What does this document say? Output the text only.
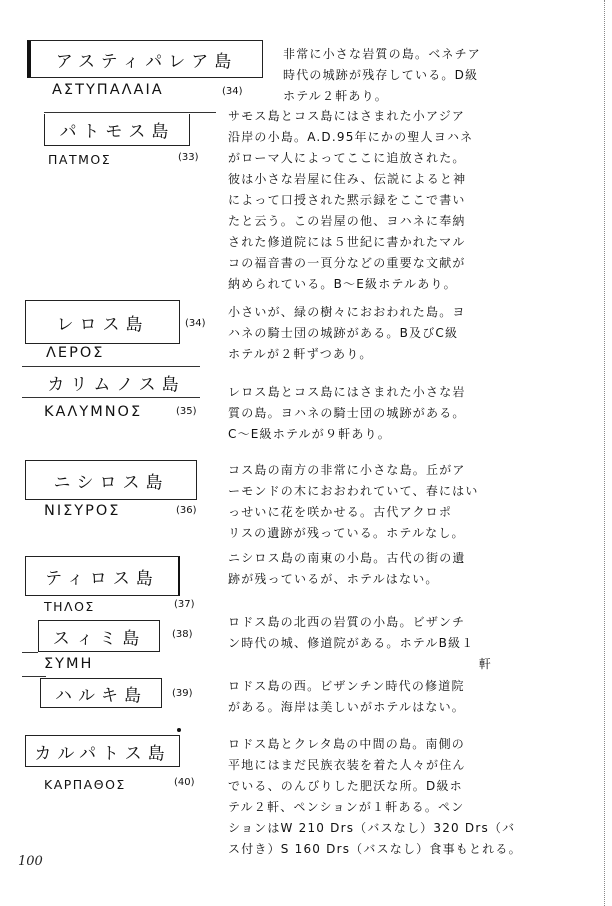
アスティパレア島
ΑΣΤΥΠΑΛΑΙΑ	(34)
非常に小さな岩質の島。ベネチア
時代の城跡が残存している。D級
ホテル２軒あり。
パトモス島
ΠΑΤΜΟΣ	(33)
サモス島とコス島にはさまれた小アジア
沿岸の小島。A.D.95年にかの聖人ヨハネ
がローマ人によってここに追放された。
彼は小さな岩屋に住み、伝説によると神
によって口授された黙示録をここで書い
たと云う。この岩屋の他、ヨハネに奉納
された修道院には５世紀に書かれたマル
コの福音書の一頁分などの重要な文献が
納められている。B～E級ホテルあり。
レロス島	(34)
ΛΕΡΟΣ
小さいが、緑の樹々におおわれた島。ヨ
ハネの騎士団の城跡がある。B及びC級
ホテルが２軒ずつあり。
カリムノス島
ΚΑΛΥΜΝΟΣ	(35)
レロス島とコス島にはさまれた小さな岩
質の島。ヨハネの騎士団の城跡がある。
C～E級ホテルが９軒あり。
ニシロス島
ΝΙΣΥΡΟΣ	(36)
コス島の南方の非常に小さな島。丘がア
ーモンドの木におおわれていて、春にはい
っせいに花を咲かせる。古代アクロポ
リスの遺跡が残っている。ホテルなし。
ティロス島
ΤΗΛΟΣ	(37)
ニシロス島の南東の小島。古代の街の遺
跡が残っているが、ホテルはない。
スィミ島	(38)
ΣΥΜΗ
ロドス島の北西の岩質の小島。ビザンチ
ン時代の城、修道院がある。ホテルB級１
　　　　　　　　　　　　　　　　　　　軒
ハルキ島	(39)
ロドス島の西。ビザンチン時代の修道院
がある。海岸は美しいがホテルはない。
カルパトス島
ΚΑΡΠΑΘΟΣ	(40)
ロドス島とクレタ島の中間の島。南側の
平地にはまだ民族衣装を着た人々が住ん
でいる、のんびりした肥沃な所。D級ホ
テル２軒、ペンションが１軒ある。ペン
ションはW 210 Drs（バスなし）320 Drs（バ
ス付き）S 160 Drs（バスなし）食事もとれる。
100
